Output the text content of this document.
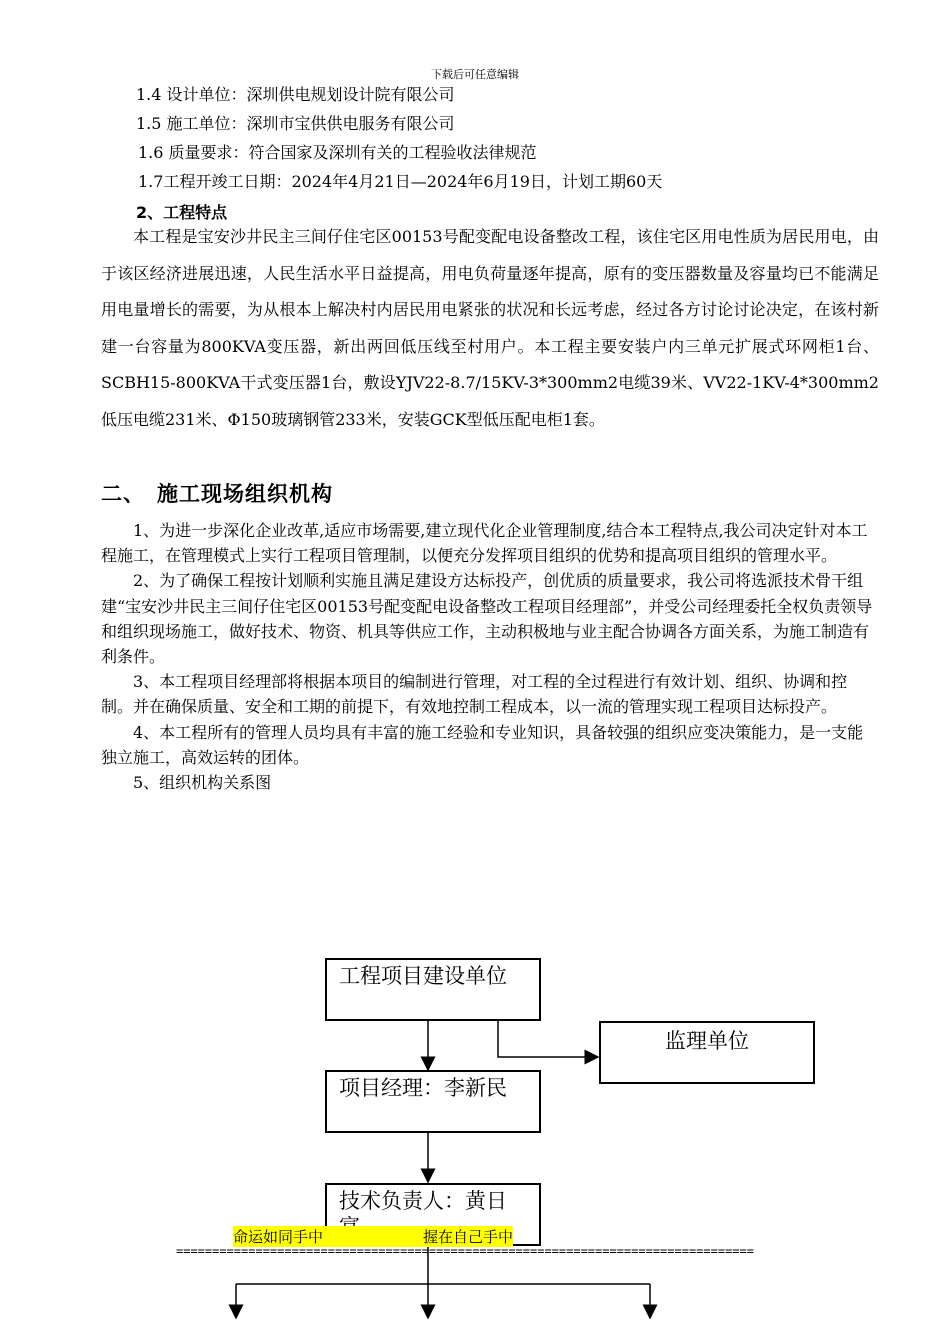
下载后可任意编辑
1.4 设计单位：深圳供电规划设计院有限公司
1.5 施工单位：深圳市宝供供电服务有限公司
1.6 质量要求：符合国家及深圳有关的工程验收法律规范
1.7工程开竣工日期：2024年4月21日—2024年6月19日，计划工期60天
2、工程特点

本工程是宝安沙井民主三间仔住宅区00153号配变配电设备整改工程，该住宅区用电性质为居民用电，由于该区经济进展迅速，人民生活水平日益提高，用电负荷量逐年提高，原有的变压器数量及容量均已不能满足用电量增长的需要，为从根本上解决村内居民用电紧张的状况和长远考虑，经过各方讨论讨论决定，在该村新建一台容量为800KVA变压器，新出两回低压线至村用户。本工程主要安装户内三单元扩展式环网柜1台、SCBH15-800KVA干式变压器1台，敷设YJV22-8.7/15KV-3*300mm2电缆39米、VV22-1KV-4*300mm2低压电缆231米、Φ150玻璃钢管233米，安装GCK型低压配电柜1套。

二、 施工现场组织机构

1、为进一步深化企业改革,适应市场需要,建立现代化企业管理制度,结合本工程特点,我公司决定针对本工程施工，在管理模式上实行工程项目管理制，以便充分发挥项目组织的优势和提高项目组织的管理水平。

2、为了确保工程按计划顺利实施且满足建设方达标投产，创优质的质量要求，我公司将选派技术骨干组建“宝安沙井民主三间仔住宅区00153号配变配电设备整改工程项目经理部”，并受公司经理委托全权负责领导和组织现场施工，做好技术、物资、机具等供应工作，主动积极地与业主配合协调各方面关系，为施工制造有利条件。

3、本工程项目经理部将根据本项目的编制进行管理，对工程的全过程进行有效计划、组织、协调和控制。并在确保质量、安全和工期的前提下，有效地控制工程成本，以一流的管理实现工程项目达标投产。

4、本工程所有的管理人员均具有丰富的施工经验和专业知识，具备较强的组织应变决策能力，是一支能独立施工，高效运转的团体。

5、组织机构关系图

工程项目建设单位
监理单位
项目经理：李新民
技术负责人：黄日
命运如同手中	握在自己手中
================================================================================
